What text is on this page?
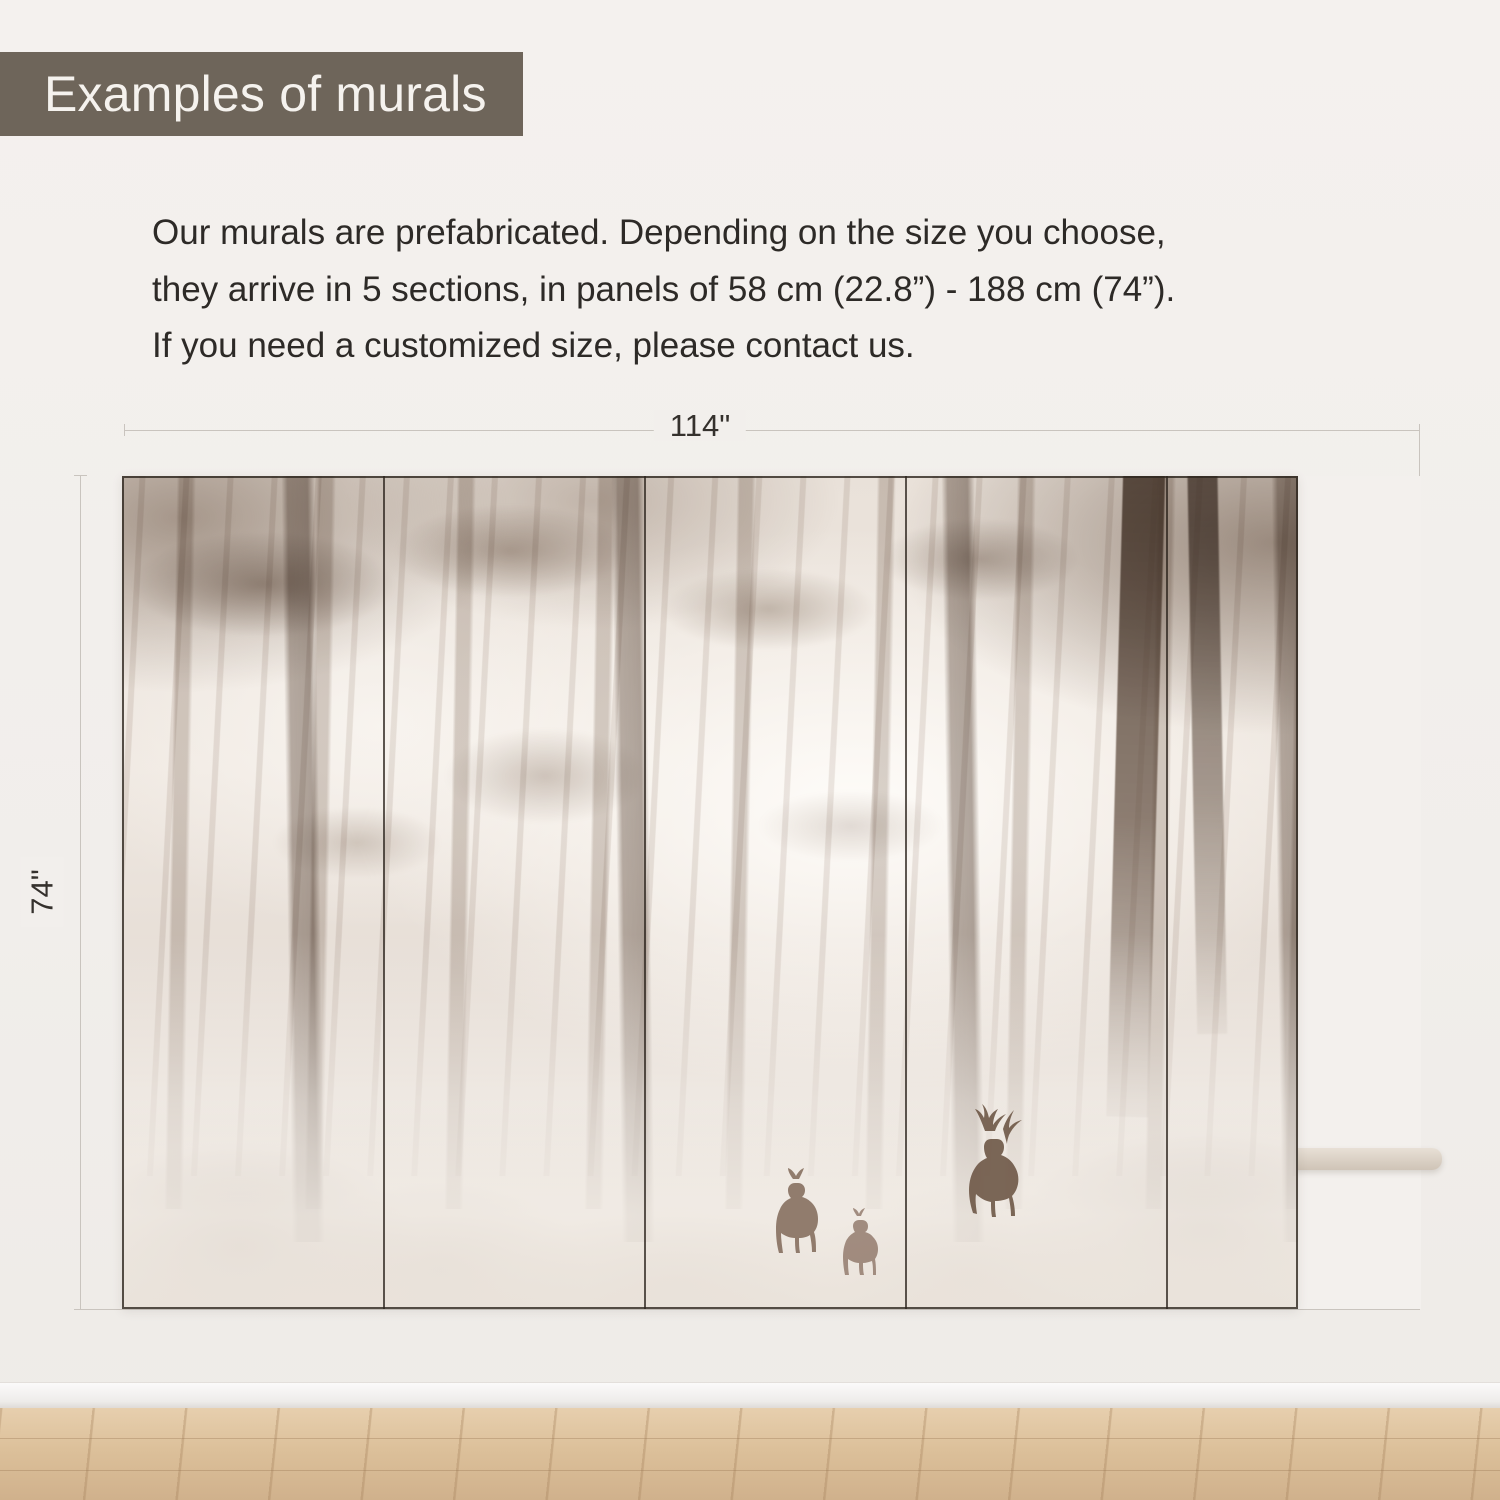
Examples of murals

Our murals are prefabricated. Depending on the size you choose,

they arrive in 5 sections, in panels of 58 cm (22.8”) - 188 cm (74”).

If you need a customized size, please contact us.

114"
74"
